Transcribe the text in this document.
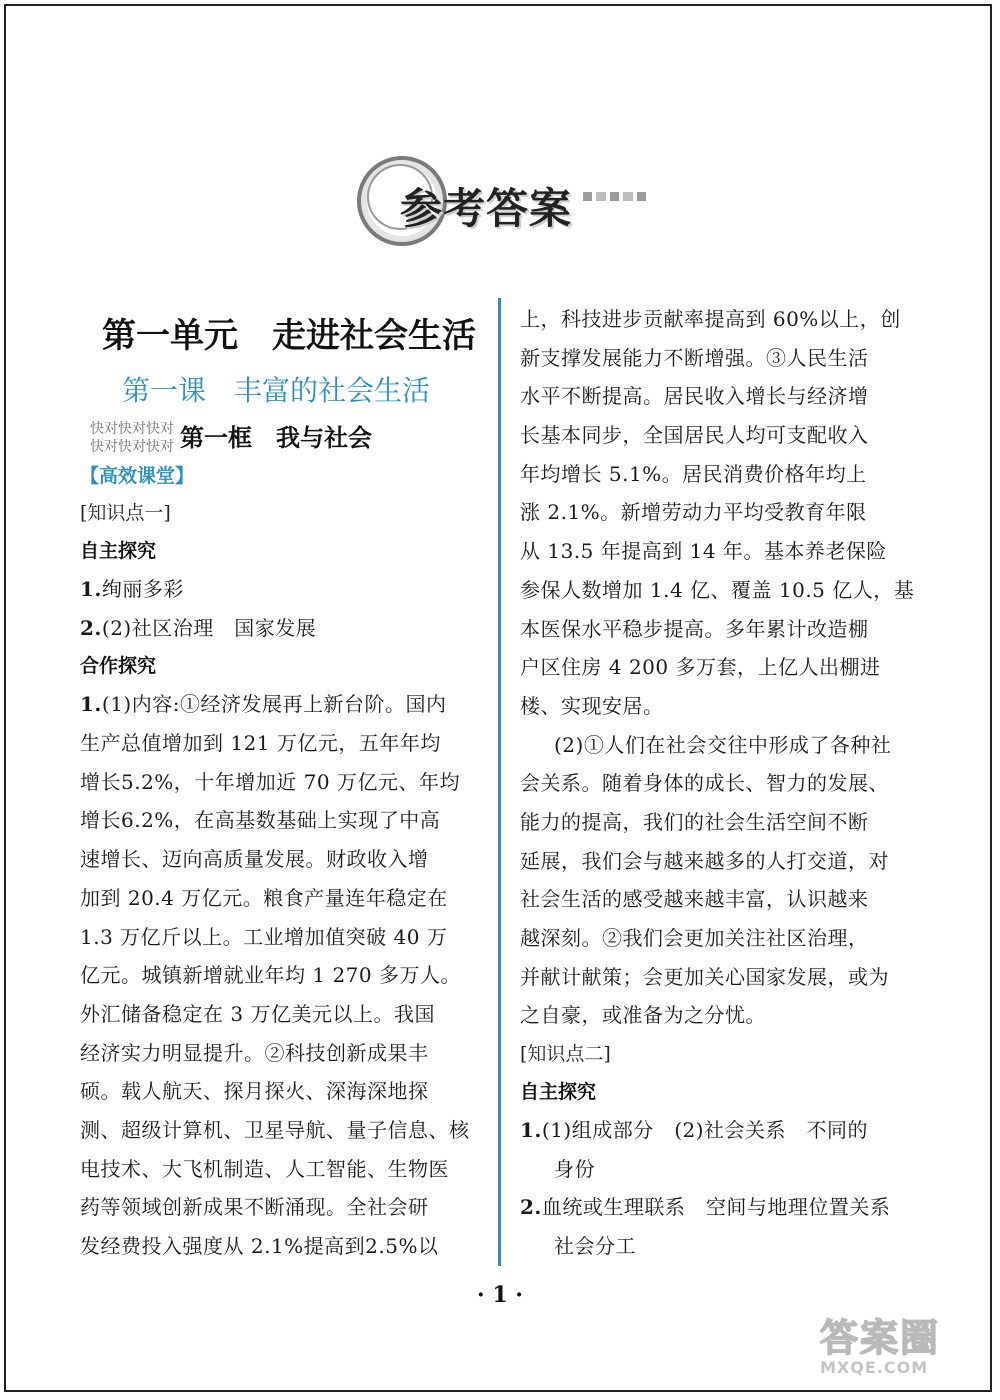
参考答案
第一单元　走进社会生活
第一课　丰富的社会生活
快对快对快对
快对快对快对 第一框　我与社会
【高效课堂】
[知识点一]
自主探究
1.绚丽多彩
2.(2)社区治理　国家发展
合作探究
1.(1)内容:①经济发展再上新台阶。国内
生产总值增加到 121 万亿元，五年年均
增长5.2%，十年增加近 70 万亿元、年均
增长6.2%，在高基数基础上实现了中高
速增长、迈向高质量发展。财政收入增
加到 20.4 万亿元。粮食产量连年稳定在
1.3 万亿斤以上。工业增加值突破 40 万
亿元。城镇新增就业年均 1 270 多万人。
外汇储备稳定在 3 万亿美元以上。我国
经济实力明显提升。②科技创新成果丰
硕。载人航天、探月探火、深海深地探
测、超级计算机、卫星导航、量子信息、核
电技术、大飞机制造、人工智能、生物医
药等领域创新成果不断涌现。全社会研
发经费投入强度从 2.1%提高到2.5%以
上，科技进步贡献率提高到 60%以上，创
新支撑发展能力不断增强。③人民生活
水平不断提高。居民收入增长与经济增
长基本同步，全国居民人均可支配收入
年均增长 5.1%。居民消费价格年均上
涨 2.1%。新增劳动力平均受教育年限
从 13.5 年提高到 14 年。基本养老保险
参保人数增加 1.4 亿、覆盖 10.5 亿人，基
本医保水平稳步提高。多年累计改造棚
户区住房 4 200 多万套，上亿人出棚进
楼、实现安居。
(2)①人们在社会交往中形成了各种社
会关系。随着身体的成长、智力的发展、
能力的提高，我们的社会生活空间不断
延展，我们会与越来越多的人打交道，对
社会生活的感受越来越丰富，认识越来
越深刻。②我们会更加关注社区治理，
并献计献策；会更加关心国家发展，或为
之自豪，或准备为之分忧。
[知识点二]
自主探究
1.(1)组成部分　(2)社会关系　不同的
身份
2.血统或生理联系　空间与地理位置关系
社会分工
· 1 ·
答案圈
MXQE.COM
